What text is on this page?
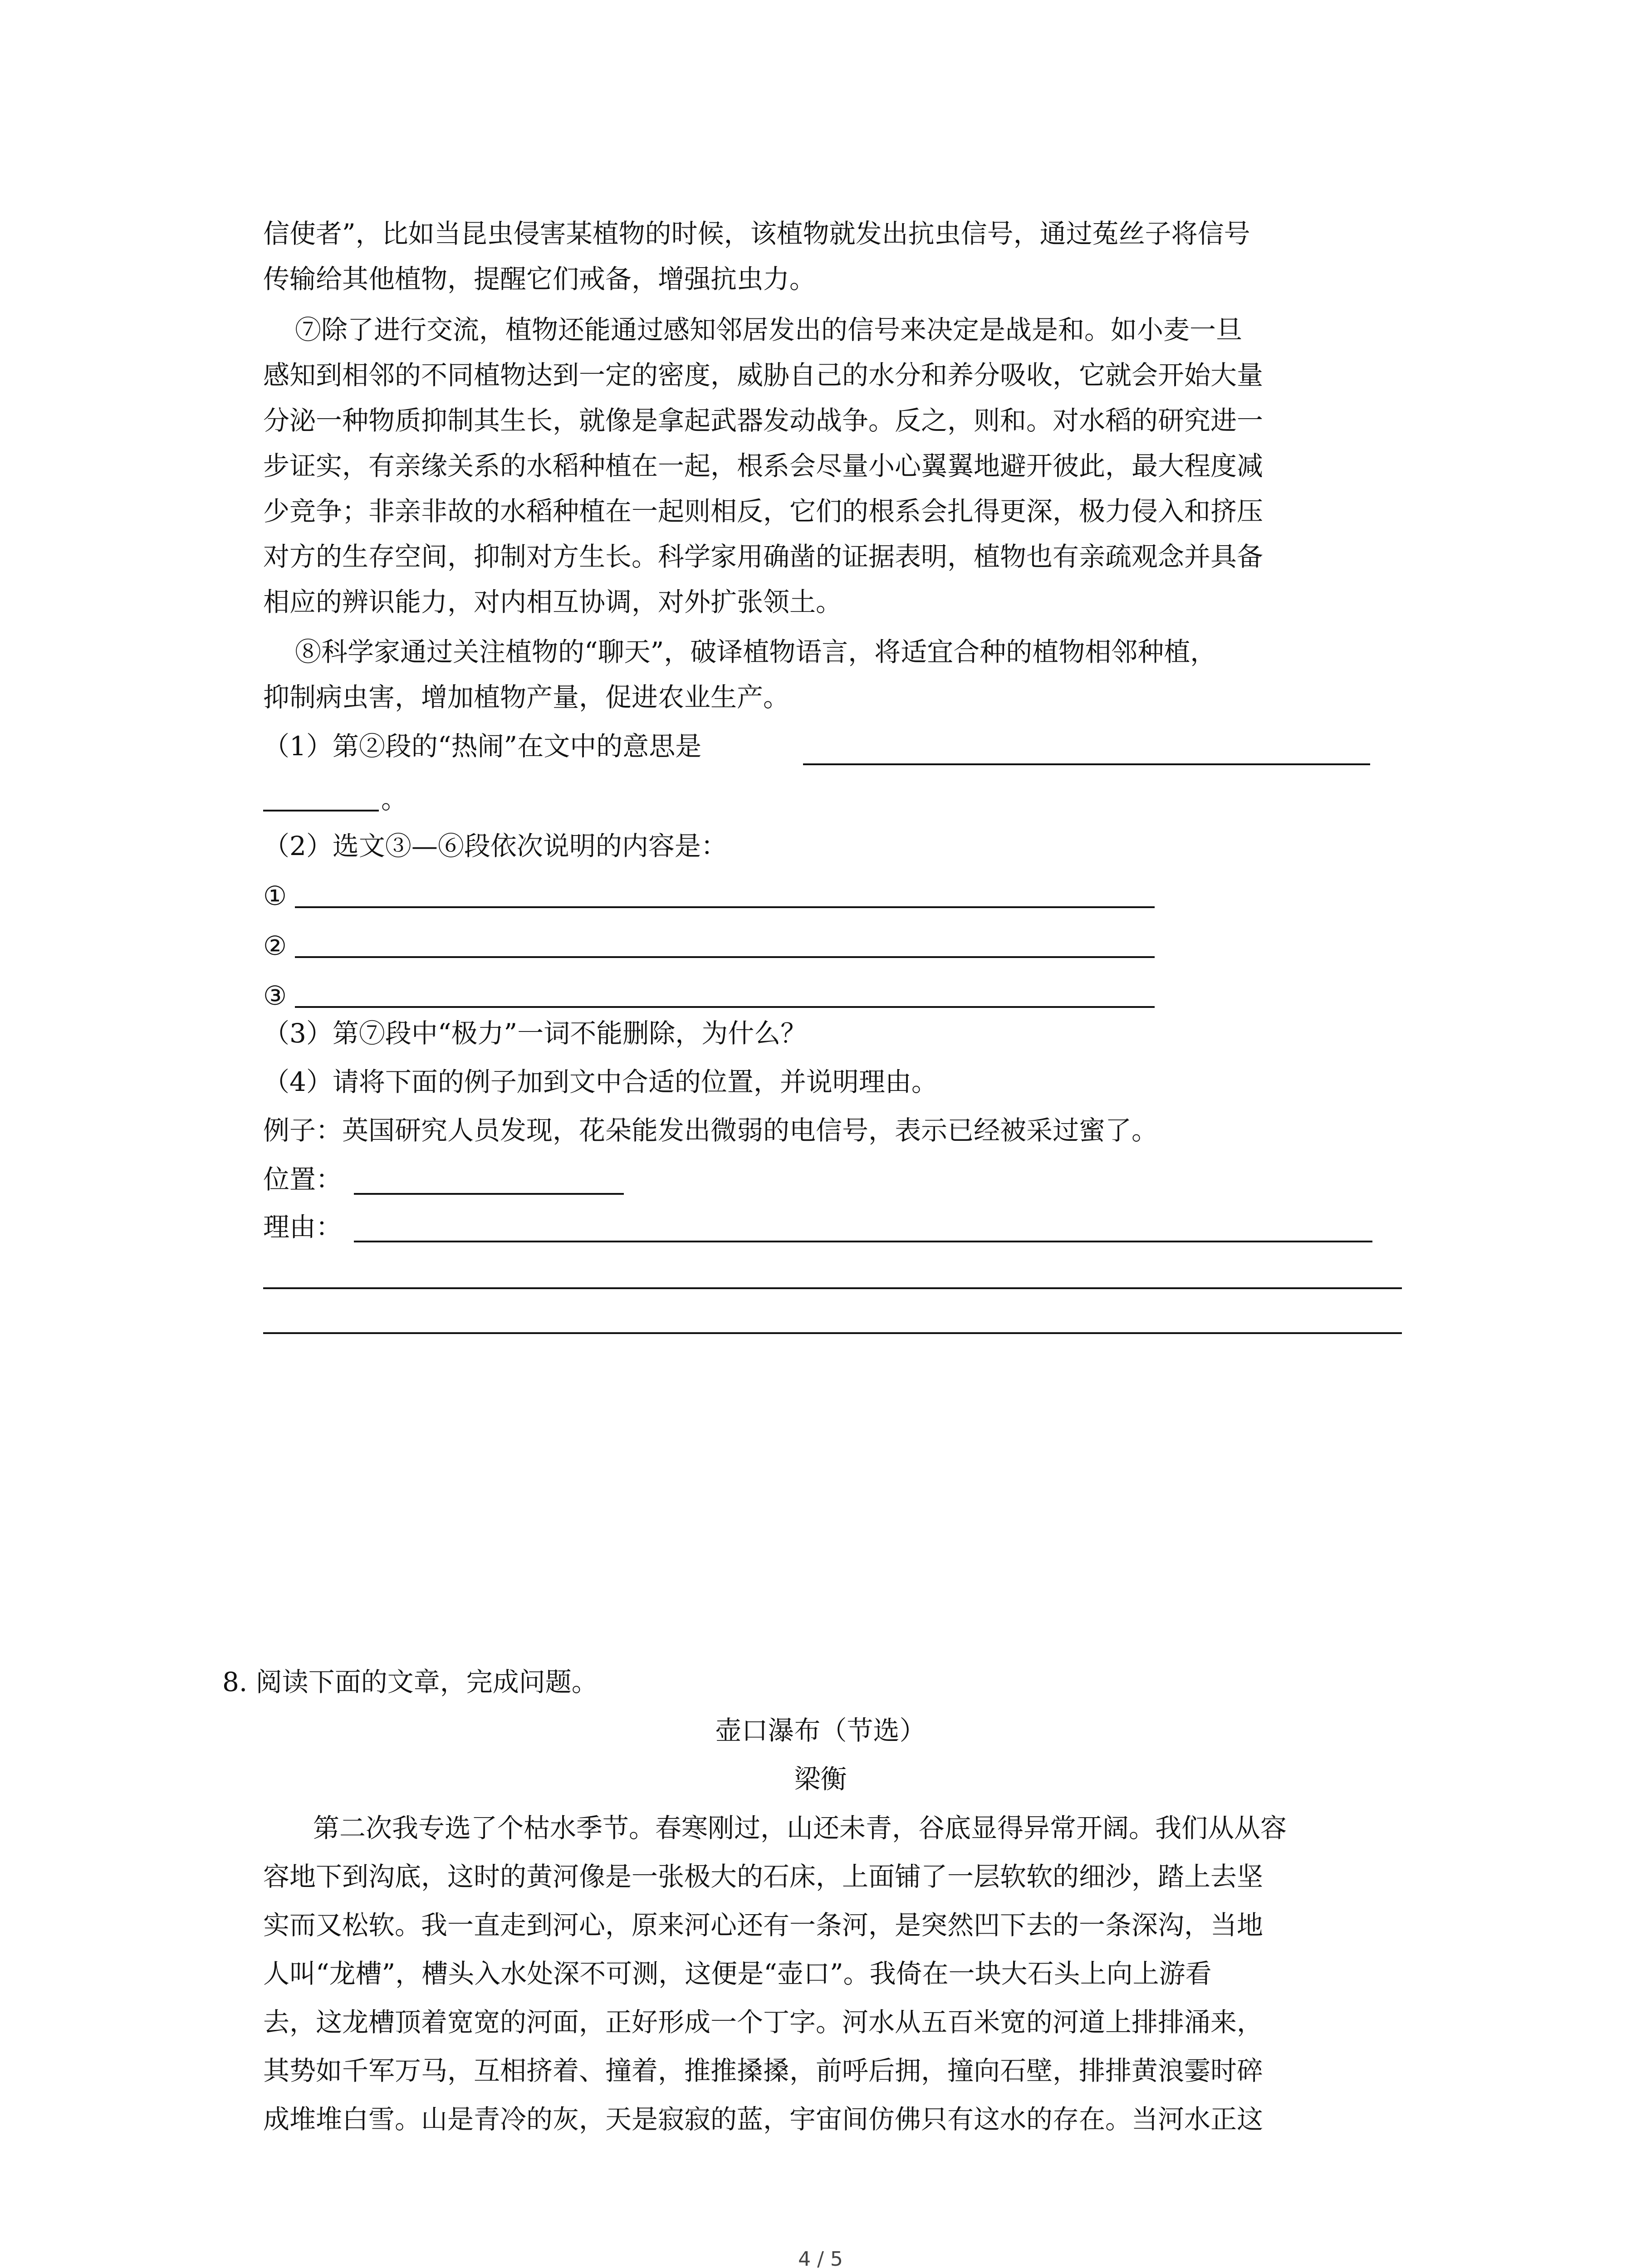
信使者”，比如当昆虫侵害某植物的时候，该植物就发出抗虫信号，通过菟丝子将信号
传输给其他植物，提醒它们戒备，增强抗虫力。
⑦除了进行交流，植物还能通过感知邻居发出的信号来决定是战是和。如小麦一旦
感知到相邻的不同植物达到一定的密度，威胁自己的水分和养分吸收，它就会开始大量
分泌一种物质抑制其生长，就像是拿起武器发动战争。反之，则和。对水稻的研究进一
步证实，有亲缘关系的水稻种植在一起，根系会尽量小心翼翼地避开彼此，最大程度减
少竞争；非亲非故的水稻种植在一起则相反，它们的根系会扎得更深，极力侵入和挤压
对方的生存空间，抑制对方生长。科学家用确凿的证据表明，植物也有亲疏观念并具备
相应的辨识能力，对内相互协调，对外扩张领土。
⑧科学家通过关注植物的“聊天”，破译植物语言，将适宜合种的植物相邻种植，
抑制病虫害，增加植物产量，促进农业生产。
（1）第②段的“热闹”在文中的意思是
。
（2）选文③—⑥段依次说明的内容是：
①
②
③
（3）第⑦段中“极力”一词不能删除，为什么？
（4）请将下面的例子加到文中合适的位置，并说明理由。
例子：英国研究人员发现，花朵能发出微弱的电信号，表示已经被采过蜜了。
位置：
理由：
8. 阅读下面的文章，完成问题。
壶口瀑布（节选）
梁衡
第二次我专选了个枯水季节。春寒刚过，山还未青，谷底显得异常开阔。我们从从容
容地下到沟底，这时的黄河像是一张极大的石床，上面铺了一层软软的细沙，踏上去坚
实而又松软。我一直走到河心，原来河心还有一条河，是突然凹下去的一条深沟，当地
人叫“龙槽”，槽头入水处深不可测，这便是“壶口”。我倚在一块大石头上向上游看
去，这龙槽顶着宽宽的河面，正好形成一个丁字。河水从五百米宽的河道上排排涌来，
其势如千军万马，互相挤着、撞着，推推搡搡，前呼后拥，撞向石壁，排排黄浪霎时碎
成堆堆白雪。山是青冷的灰，天是寂寂的蓝，宇宙间仿佛只有这水的存在。当河水正这
4 / 5
